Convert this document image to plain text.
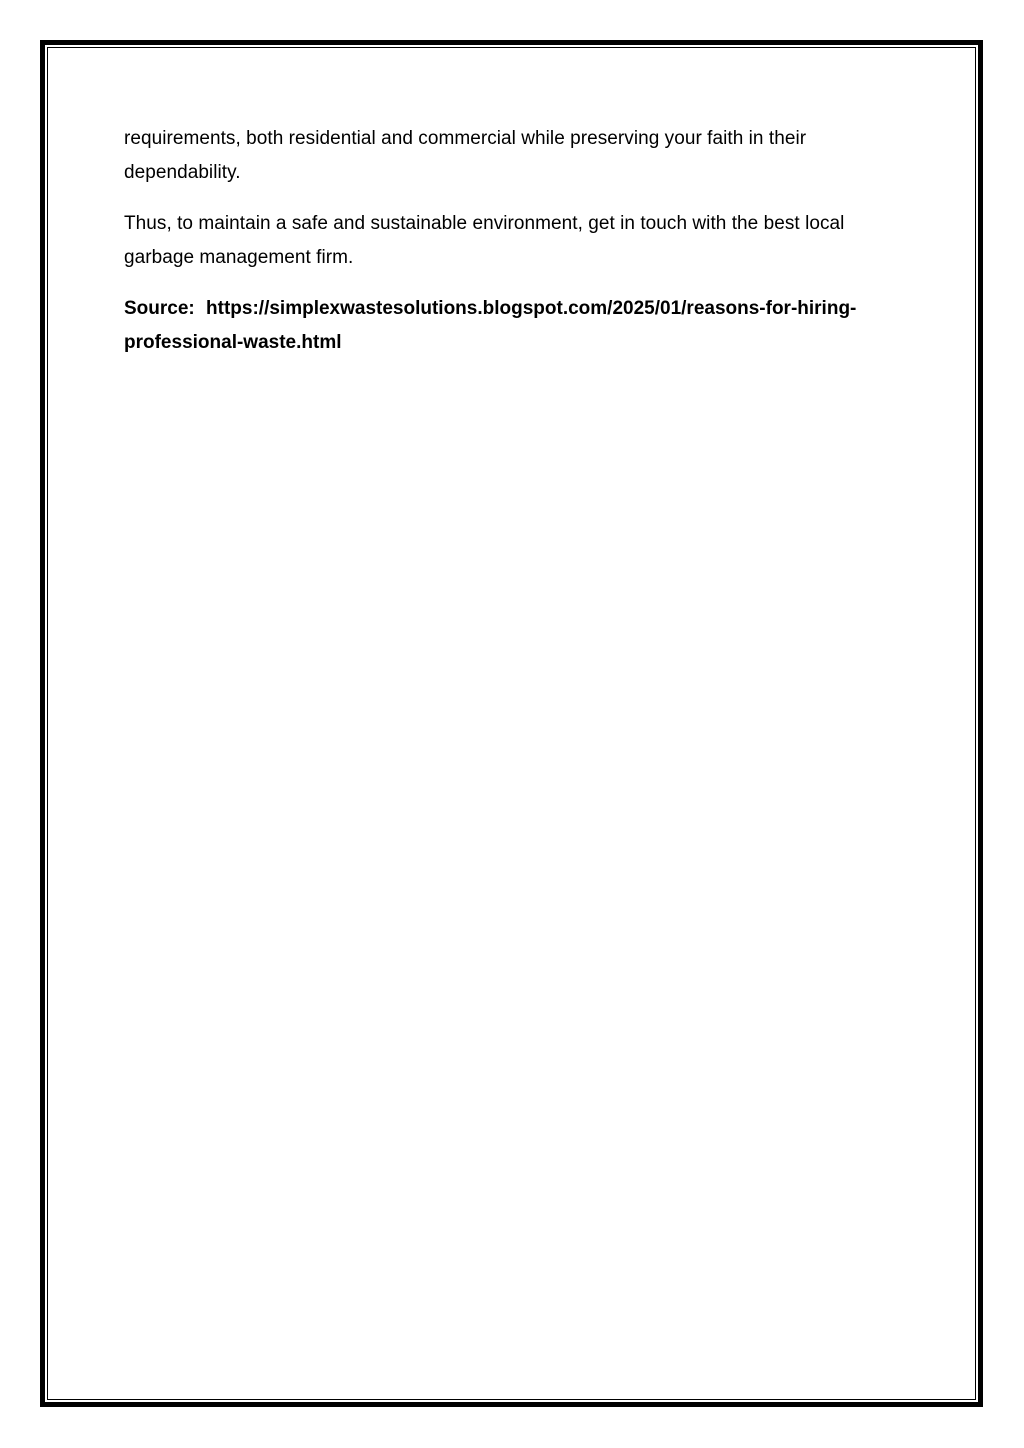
requirements, both residential and commercial while preserving your faith in their dependability.

Thus, to maintain a safe and sustainable environment, get in touch with the best local garbage management firm.

Source: https://simplexwastesolutions.blogspot.com/2025/01/reasons-for-hiring-professional-waste.html
